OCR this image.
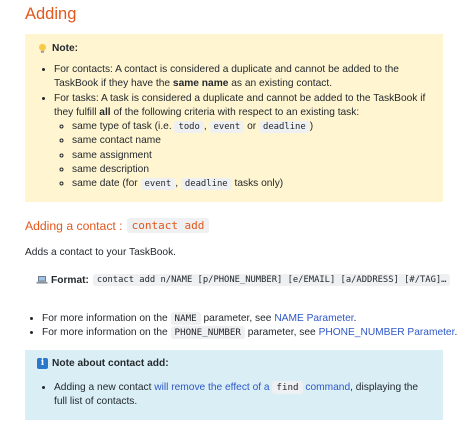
Adding
Note:
• For contacts: A contact is considered a duplicate and cannot be added to the TaskBook if they have the same name as an existing contact.
• For tasks: A task is considered a duplicate and cannot be added to the TaskBook if they fulfill all of the following criteria with respect to an existing task:
◦ same type of task (i.e. todo , event or deadline )
◦ same contact name
◦ same assignment
◦ same description
◦ same date (for event , deadline tasks only)
Adding a contact : contact add

Adds a contact to your TaskBook.

Format: contact add n/NAME [p/PHONE_NUMBER] [e/EMAIL] [a/ADDRESS] [#/TAG]…
• For more information on the NAME parameter, see NAME Parameter.
• For more information on the PHONE_NUMBER parameter, see PHONE_NUMBER Parameter.
i Note about contact add:
• Adding a new contact will remove the effect of a find command, displaying the full list of contacts.
